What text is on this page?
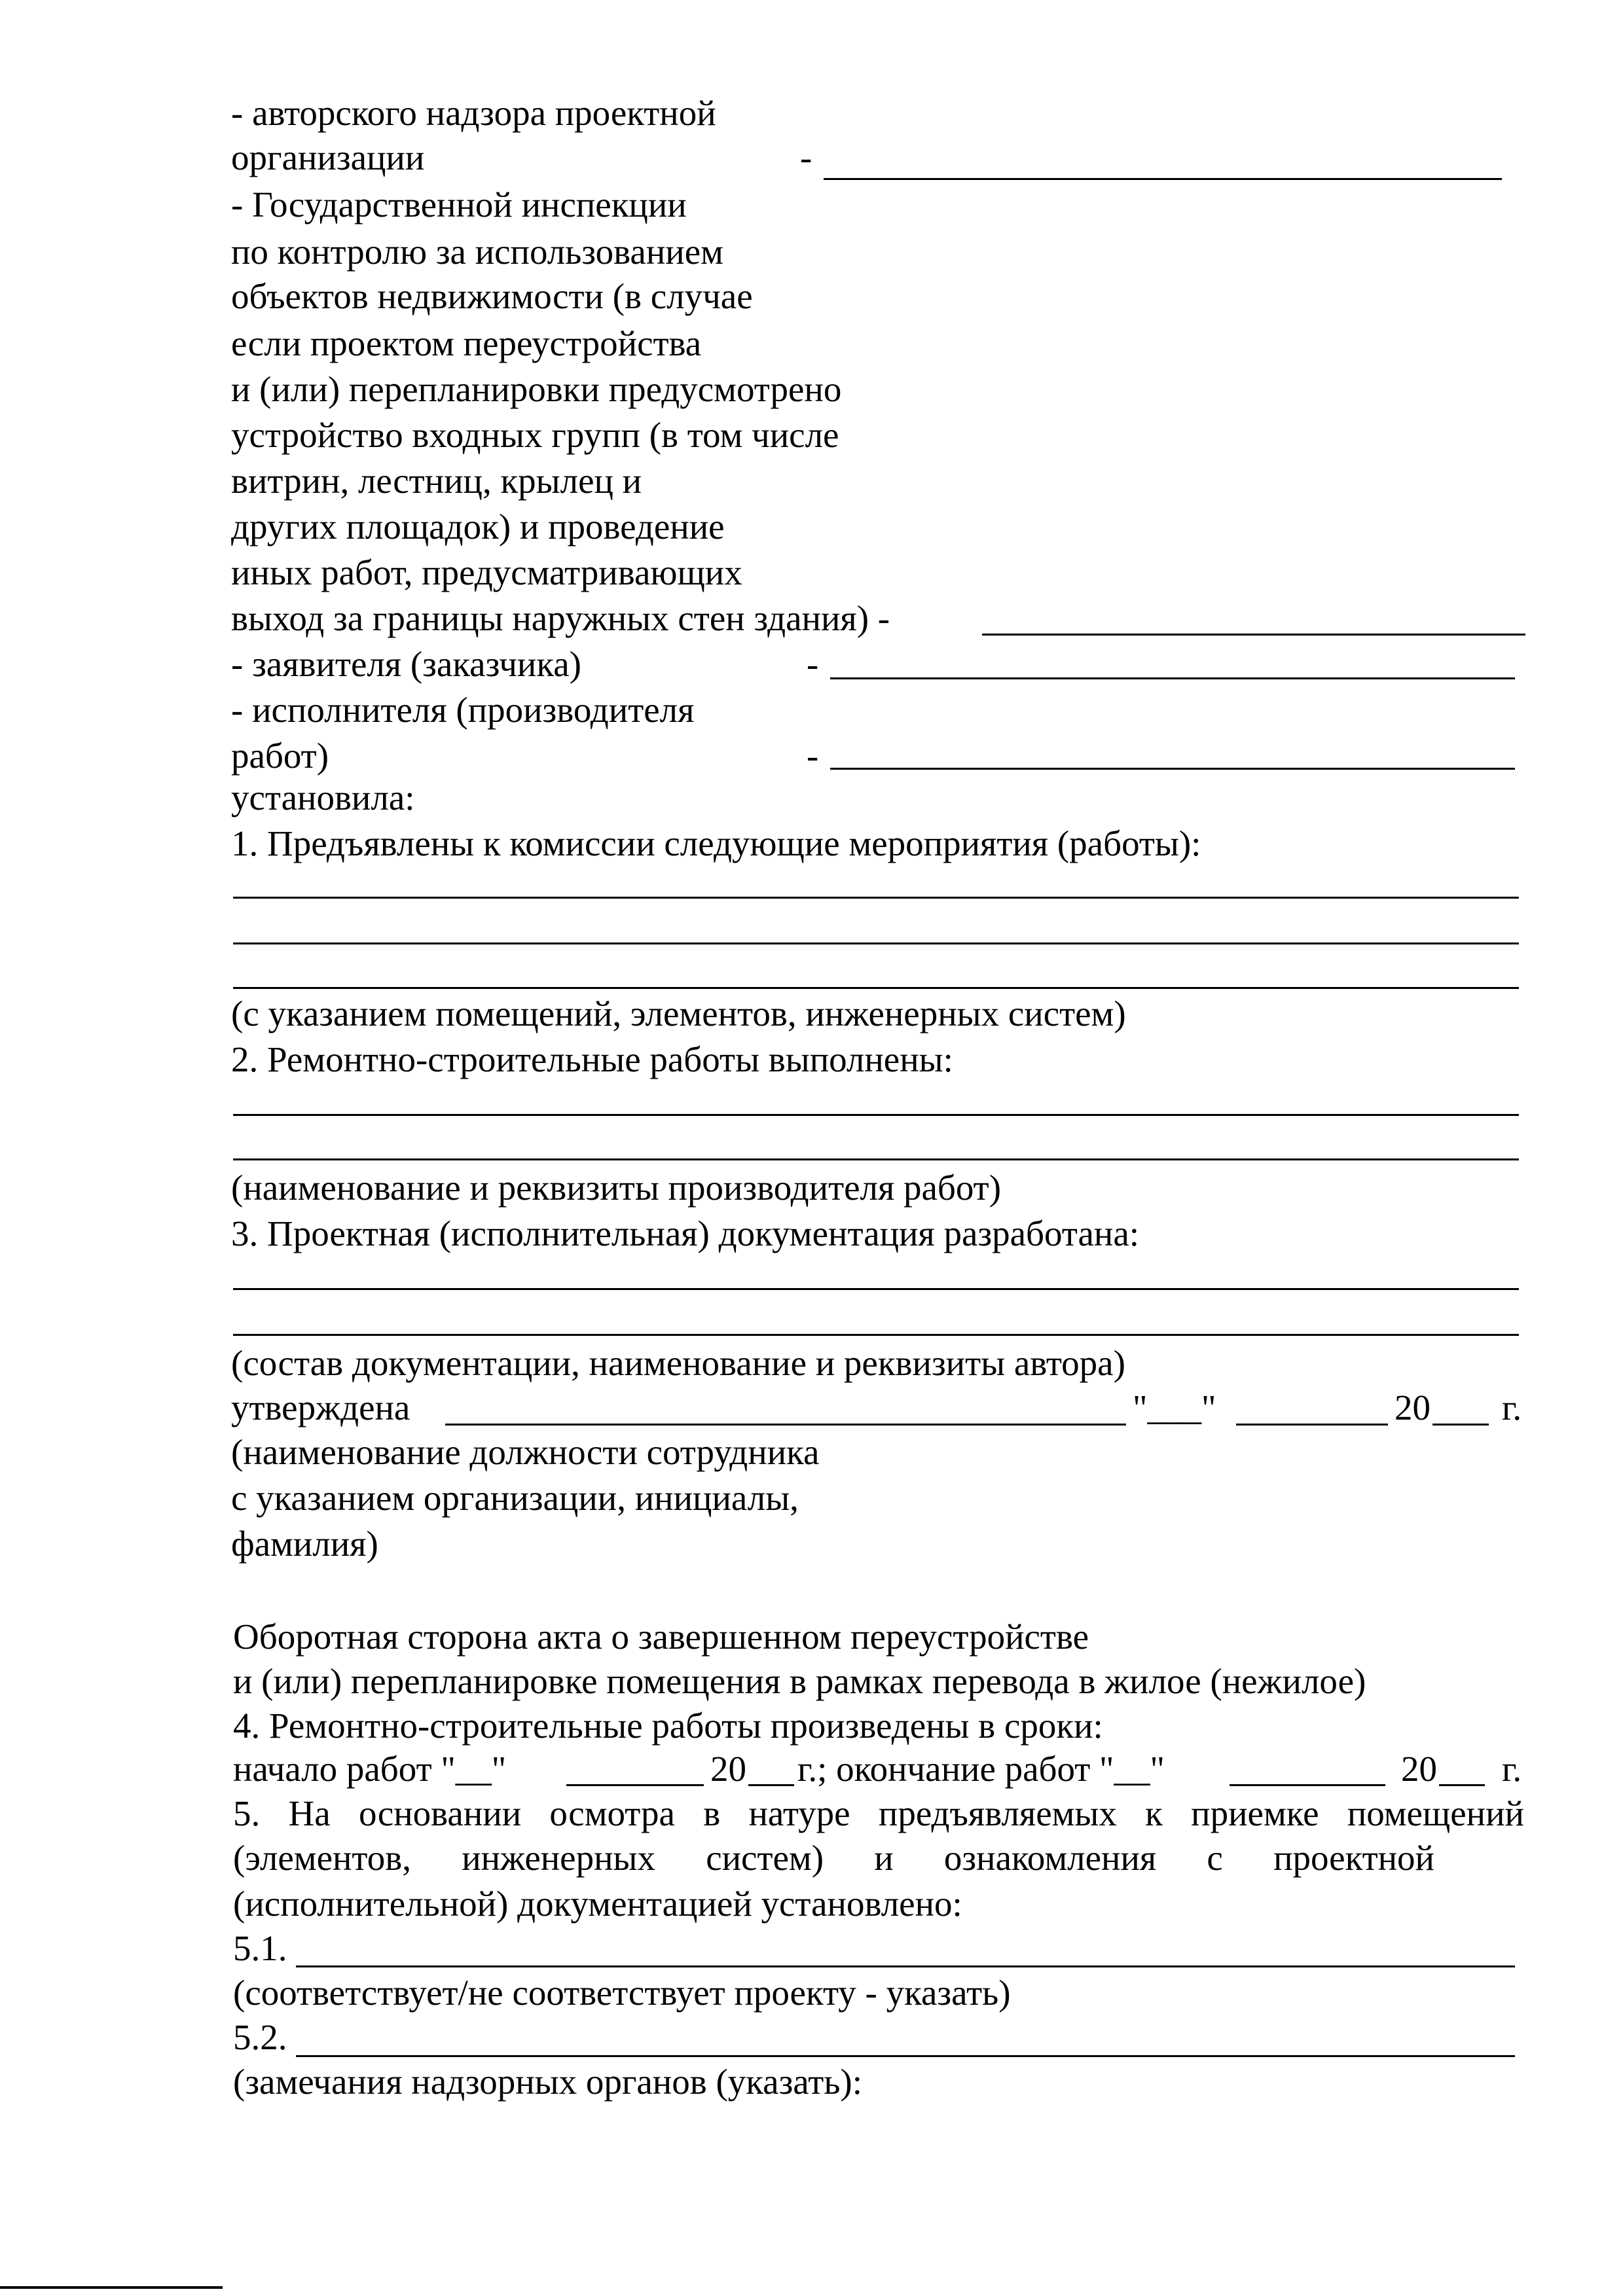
- авторского надзора проектной

организации	-

- Государственной инспекции

по контролю за использованием

объектов недвижимости (в случае

если проектом переустройства

и (или) перепланировки предусмотрено

устройство входных групп (в том числе

витрин, лестниц, крылец и

других площадок) и проведение

иных работ, предусматривающих

выход за границы наружных стен здания) -

- заявителя (заказчика)	-

- исполнителя (производителя

работ)	-

установила:

1. Предъявлены к комиссии следующие мероприятия (работы):

(с указанием помещений, элементов, инженерных систем)

2. Ремонтно-строительные работы выполнены:

(наименование и реквизиты производителя работ)

3. Проектная (исполнительная) документация разработана:

(состав документации, наименование и реквизиты автора)

утверждена	"___"	20 г.

(наименование должности сотрудника

с указанием организации, инициалы,

фамилия)

Оборотная сторона акта о завершенном переустройстве

и (или) перепланировке помещения в рамках перевода в жилое (нежилое)

4. Ремонтно-строительные работы произведены в сроки:

начало работ "__"	20 г.; окончание работ "__"	20 г.

5. На основании осмотра в натуре предъявляемых к приемке помещений

(элементов, инженерных систем) и ознакомления с проектной

(исполнительной) документацией установлено:

5.1.

(соответствует/не соответствует проекту - указать)

5.2.

(замечания надзорных органов (указать):
